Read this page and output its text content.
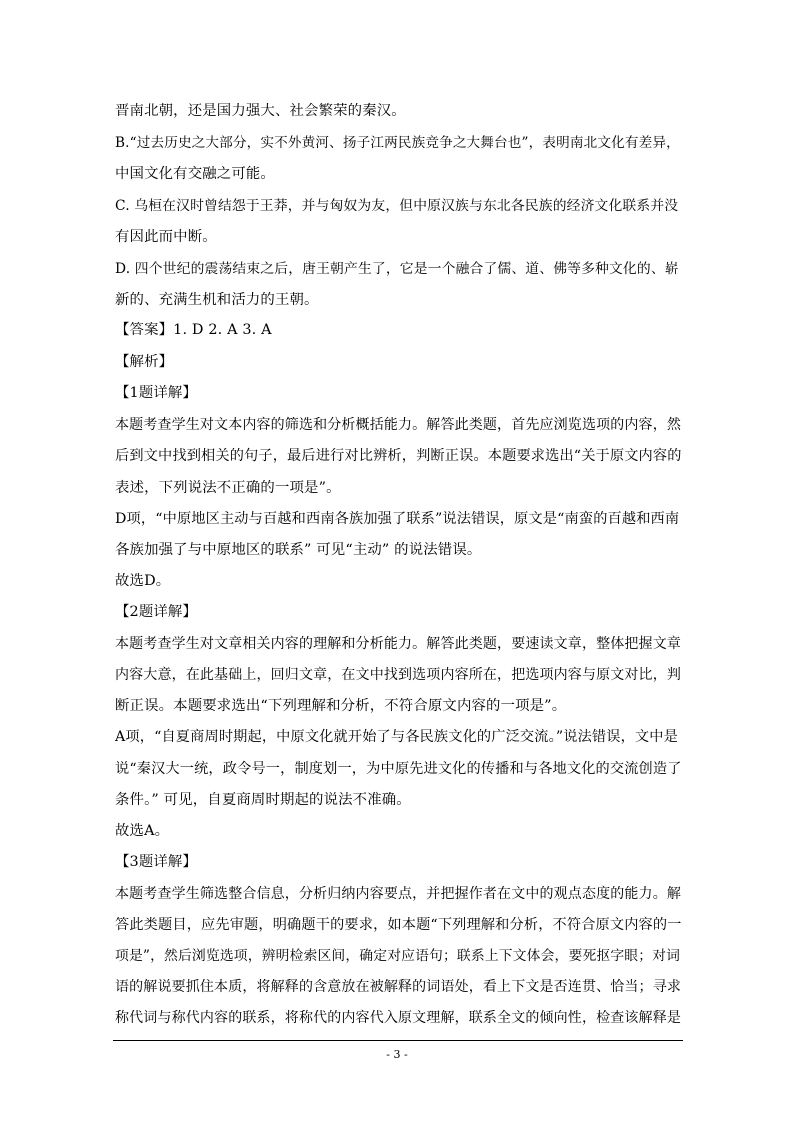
晋南北朝，还是国力强大、社会繁荣的秦汉。
B.“过去历史之大部分，实不外黄河、扬子江两民族竞争之大舞台也”，表明南北文化有差异，
中国文化有交融之可能。
C. 乌桓在汉时曾结怨于王莽，并与匈奴为友，但中原汉族与东北各民族的经济文化联系并没
有因此而中断。
D. 四个世纪的震荡结束之后，唐王朝产生了，它是一个融合了儒、道、佛等多种文化的、崭
新的、充满生机和活力的王朝。
【答案】1. D 2. A 3. A
【解析】
【1题详解】
本题考查学生对文本内容的筛选和分析概括能力。解答此类题，首先应浏览选项的内容，然
后到文中找到相关的句子，最后进行对比辨析，判断正误。本题要求选出“关于原文内容的
表述，下列说法不正确的一项是”。
D项，“中原地区主动与百越和西南各族加强了联系”说法错误，原文是“南蛮的百越和西南
各族加强了与中原地区的联系” 可见“主动” 的说法错误。
故选D。
【2题详解】
本题考查学生对文章相关内容的理解和分析能力。解答此类题，要速读文章，整体把握文章
内容大意，在此基础上，回归文章，在文中找到选项内容所在，把选项内容与原文对比，判
断正误。本题要求选出“下列理解和分析，不符合原文内容的一项是”。
A项，“自夏商周时期起，中原文化就开始了与各民族文化的广泛交流。”说法错误，文中是
说“秦汉大一统，政令号一，制度划一，为中原先进文化的传播和与各地文化的交流创造了
条件。” 可见，自夏商周时期起的说法不准确。
故选A。
【3题详解】
本题考查学生筛选整合信息，分析归纳内容要点，并把握作者在文中的观点态度的能力。解
答此类题目，应先审题，明确题干的要求，如本题“下列理解和分析，不符合原文内容的一
项是”，然后浏览选项，辨明检索区间，确定对应语句；联系上下文体会，要死抠字眼；对词
语的解说要抓住本质，将解释的含意放在被解释的词语处，看上下文是否连贯、恰当；寻求
称代词与称代内容的联系，将称代的内容代入原文理解，联系全文的倾向性，检查该解释是
- 3 -
